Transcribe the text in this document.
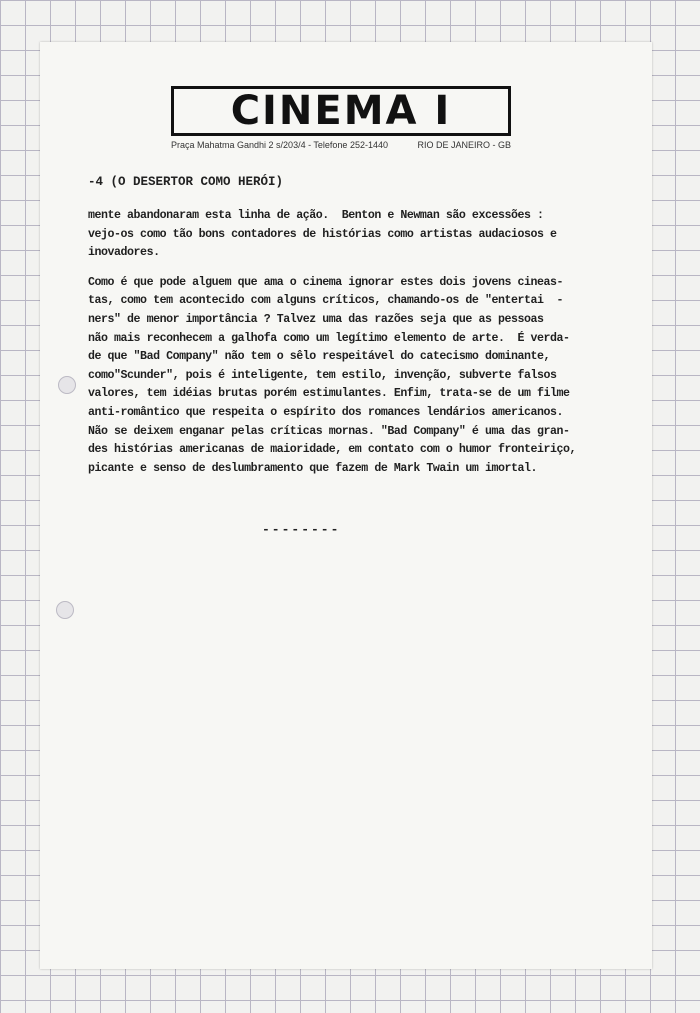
CINEMA I
Praça Mahatma Gandhi 2 s/203/4 - Telefone 252-1440	RIO DE JANEIRO - GB
-4 (O DESERTOR COMO HERÓI)
mente abandonaram esta linha de ação.  Benton e Newman são excessões :
vejo-os como tão bons contadores de histórias como artistas audaciosos e
inovadores.
Como é que pode alguem que ama o cinema ignorar estes dois jovens cineas-
tas, como tem acontecido com alguns críticos, chamando-os de "entertai  -
ners" de menor importância ? Talvez uma das razões seja que as pessoas
não mais reconhecem a galhofa como um legítimo elemento de arte.  É verda-
de que "Bad Company" não tem o sêlo respeitável do catecismo dominante,
como"Scunder", pois é inteligente, tem estilo, invenção, subverte falsos
valores, tem idéias brutas porém estimulantes. Enfim, trata-se de um filme
anti-romântico que respeita o espírito dos romances lendários americanos.
Não se deixem enganar pelas críticas mornas. "Bad Company" é uma das gran-
des histórias americanas de maioridade, em contato com o humor fronteiriço,
picante e senso de deslumbramento que fazem de Mark Twain um imortal.
--------
